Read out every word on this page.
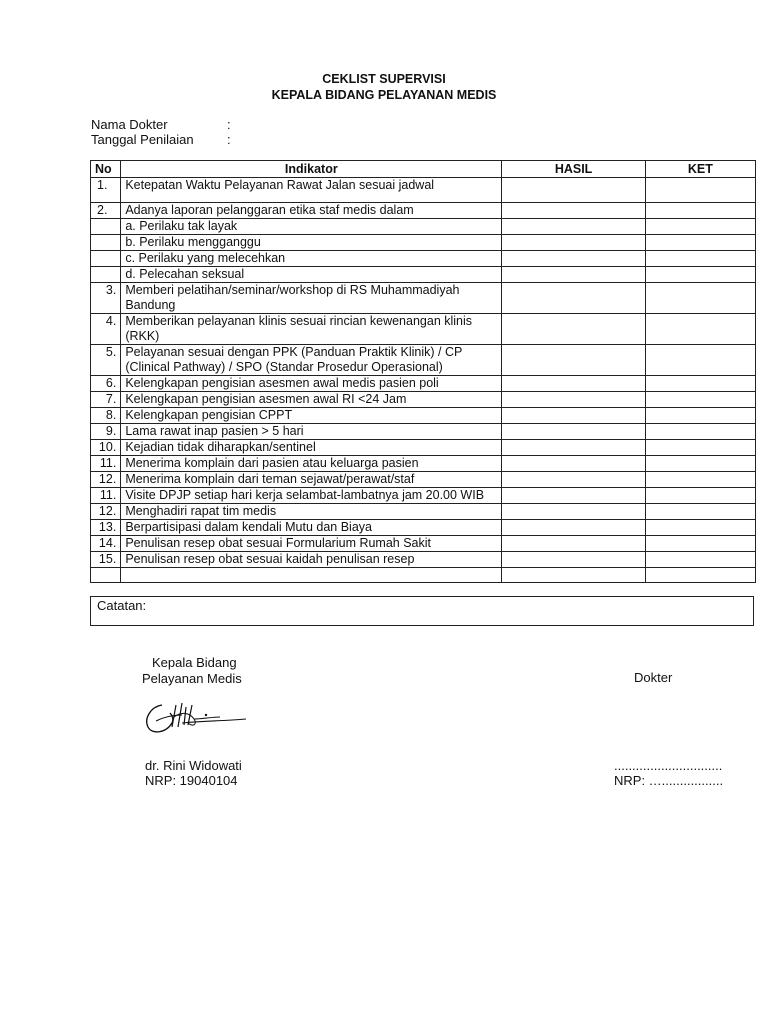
CEKLIST SUPERVISI
KEPALA BIDANG PELAYANAN MEDIS
Nama Dokter	:
Tanggal Penilaian	:
No	Indikator	HASIL	KET
1.	Ketepatan Waktu Pelayanan Rawat Jalan sesuai jadwal		
2.	Adanya laporan pelanggaran etika staf medis dalam		
	a. Perilaku tak layak		
	b. Perilaku mengganggu		
	c. Perilaku yang melecehkan		
	d. Pelecahan seksual		
3.	Memberi pelatihan/seminar/workshop di RS Muhammadiyah Bandung		
4.	Memberikan pelayanan klinis sesuai rincian kewenangan klinis (RKK)		
5.	Pelayanan sesuai dengan PPK (Panduan Praktik Klinik) / CP (Clinical Pathway) / SPO (Standar Prosedur Operasional)		
6.	Kelengkapan pengisian asesmen awal medis pasien poli		
7.	Kelengkapan pengisian asesmen awal RI <24 Jam		
8.	Kelengkapan pengisian CPPT		
9.	Lama rawat inap pasien > 5 hari		
10.	Kejadian tidak diharapkan/sentinel		
11.	Menerima komplain dari pasien atau keluarga pasien		
12.	Menerima komplain dari teman sejawat/perawat/staf		
11.	Visite DPJP setiap hari kerja selambat-lambatnya jam 20.00 WIB		
12.	Menghadiri rapat tim medis		
13.	Berpartisipasi dalam kendali Mutu dan Biaya		
14.	Penulisan resep obat sesuai Formularium Rumah Sakit		
15.	Penulisan resep obat sesuai kaidah penulisan resep		

Catatan:
Kepala Bidang
Pelayanan Medis	Dokter
dr. Rini Widowati
NRP: 19040104
..............................
NRP: ….................
